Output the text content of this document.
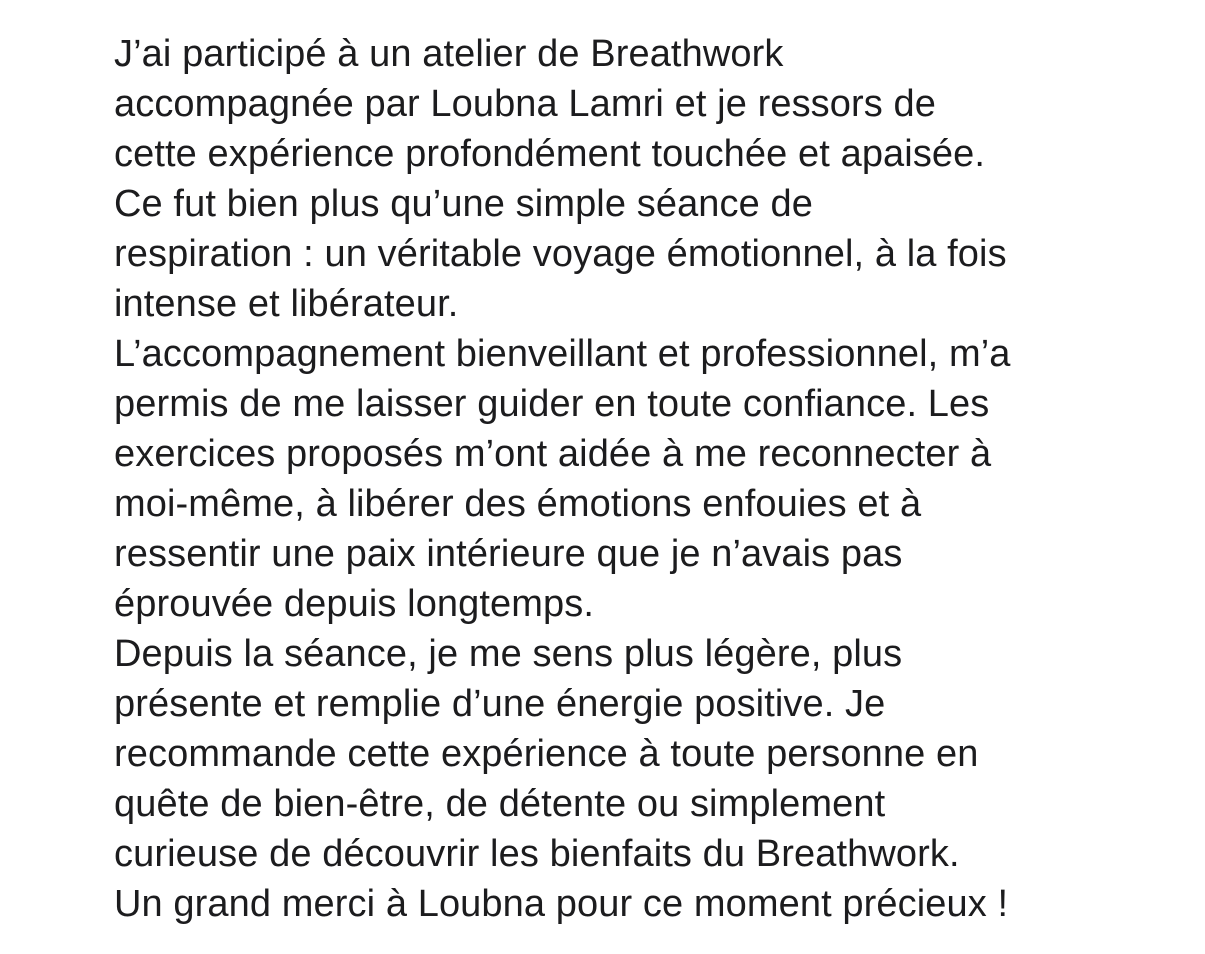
J’ai participé à un atelier de Breathwork
accompagnée par Loubna Lamri et je ressors de
cette expérience profondément touchée et apaisée.
Ce fut bien plus qu’une simple séance de
respiration : un véritable voyage émotionnel, à la fois
intense et libérateur.
L’accompagnement bienveillant et professionnel, m’a
permis de me laisser guider en toute confiance. Les
exercices proposés m’ont aidée à me reconnecter à
moi-même, à libérer des émotions enfouies et à
ressentir une paix intérieure que je n’avais pas
éprouvée depuis longtemps.
Depuis la séance, je me sens plus légère, plus
présente et remplie d’une énergie positive. Je
recommande cette expérience à toute personne en
quête de bien-être, de détente ou simplement
curieuse de découvrir les bienfaits du Breathwork.
Un grand merci à Loubna pour ce moment précieux !
